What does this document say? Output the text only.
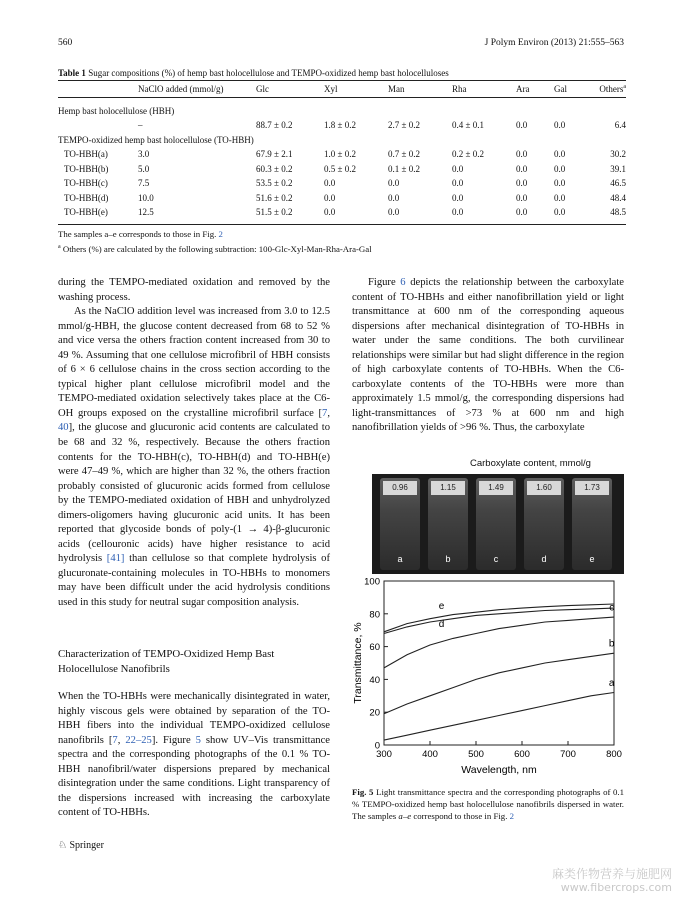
560	J Polym Environ (2013) 21:555–563
Table 1 Sugar compositions (%) of hemp bast holocellulose and TEMPO-oxidized hemp bast holocelluloses
	NaClO added (mmol/g)	Glc	Xyl	Man	Rha	Ara	Gal	Others$^a$

Hemp bast holocellulose (HBH)								
	–	88.7 ± 0.2	1.8 ± 0.2	2.7 ± 0.2	0.4 ± 0.1	0.0	0.0	6.4
TEMPO-oxidized hemp bast holocellulose (TO-HBH)								
TO-HBH(a)	3.0	67.9 ± 2.1	1.0 ± 0.2	0.7 ± 0.2	0.2 ± 0.2	0.0	0.0	30.2
TO-HBH(b)	5.0	60.3 ± 0.2	0.5 ± 0.2	0.1 ± 0.2	0.0	0.0	0.0	39.1
TO-HBH(c)	7.5	53.5 ± 0.2	0.0	0.0	0.0	0.0	0.0	46.5
TO-HBH(d)	10.0	51.6 ± 0.2	0.0	0.0	0.0	0.0	0.0	48.4
TO-HBH(e)	12.5	51.5 ± 0.2	0.0	0.0	0.0	0.0	0.0	48.5
The samples a–e corresponds to those in Fig. 2
$^a$ Others (%) are calculated by the following subtraction: 100-Glc-Xyl-Man-Rha-Ara-Gal

during the TEMPO-mediated oxidation and removed by the washing process.

As the NaClO addition level was increased from 3.0 to 12.5 mmol/g-HBH, the glucose content decreased from 68 to 52 % and vice versa the others fraction content increased from 30 to 49 %. Assuming that one cellulose microfibril of HBH consists of 6 × 6 cellulose chains in the cross section according to the typical higher plant cellulose microfibril model and the TEMPO-mediated oxidation selectively takes place at the C6-OH groups exposed on the crystalline microfibril surface [7, 40], the glucose and glucuronic acid contents are calculated to be 68 and 32 %, respectively. Because the others fraction contents for the TO-HBH(c), TO-HBH(d) and TO-HBH(e) were 47–49 %, which are higher than 32 %, the others fraction probably consisted of glucuronic acids formed from cellulose by the TEMPO-mediated oxidation of HBH and unhydrolyzed dimers-oligomers having glucuronic acid units. It has been reported that glycoside bonds of poly-(1 → 4)-β-glucuronic acids (cellouronic acids) have higher resistance to acid hydrolysis [41] than cellulose so that complete hydrolysis of glucuronate-containing molecules in TO-HBHs to monomers may have been difficult under the acid hydrolysis conditions used in this study for neutral sugar composition analysis.

Characterization of TEMPO-Oxidized Hemp Bast Holocellulose Nanofibrils

When the TO-HBHs were mechanically disintegrated in water, highly viscous gels were obtained by separation of the TO-HBH fibers into the individual TEMPO-oxidized cellulose nanofibrils [7, 22–25]. Figure 5 show UV–Vis transmittance spectra and the corresponding photographs of the 0.1 % TO-HBH nanofibril/water dispersions prepared by mechanical disintegration under the same conditions. Light transparency of the dispersions increased with increasing the carboxylate content of TO-HBHs.

Figure 6 depicts the relationship between the carboxylate content of TO-HBHs and either nanofibrillation yield or light transmittance at 600 nm of the corresponding aqueous dispersions after mechanical disintegration of TO-HBHs in water under the same conditions. The both curvilinear relationships were similar but had slight difference in the region of high carboxylate contents of TO-HBHs. When the C6-carboxylate contents of the TO-HBHs were more than approximately 1.5 mmol/g, the corresponding dispersions had light-transmittances of >73 % at 600 nm and high nanofibrillation yields of >96 %. Thus, the carboxylate

Carboxylate content, mmol/g
0.96
a
1.15
b
1.49
c
1.60
d
1.73
e
300	400	500	600	700	800
0
20
40
60
80
100
e
d
c
b
a
Wavelength, nm
Transmittance, %
Fig. 5 Light transmittance spectra and the corresponding photographs of 0.1 % TEMPO-oxidized hemp bast holocellulose nanofibrils dispersed in water. The samples a–e correspond to those in Fig. 2
♘ Springer
麻类作物营养与施肥网
www.fibercrops.com
